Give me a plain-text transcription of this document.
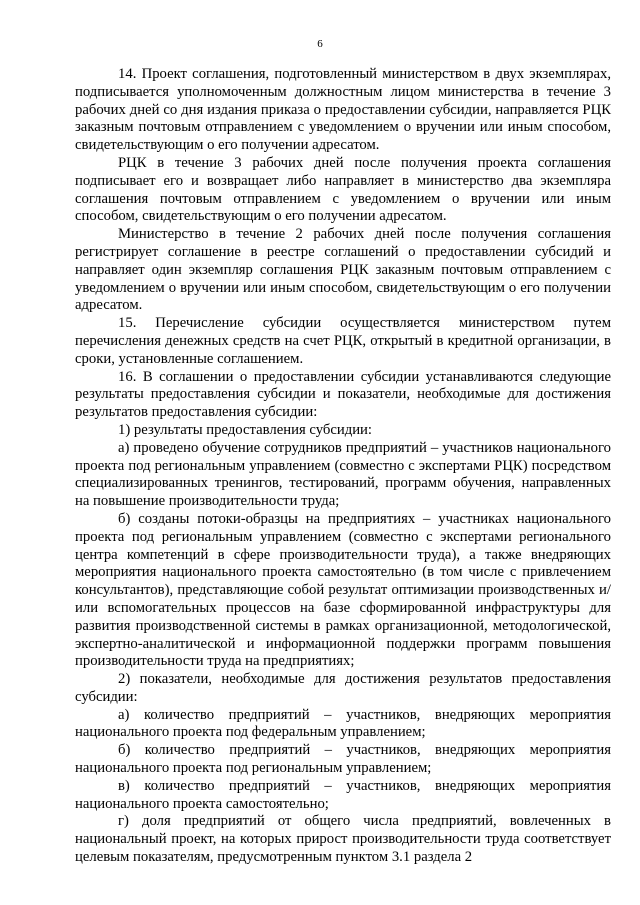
6

14. Проект соглашения, подготовленный министерством в двух экземплярах, подписывается уполномоченным должностным лицом министерства в течение 3 рабочих дней со дня издания приказа о предоставлении субсидии, направляется РЦК заказным почтовым отправлением с уведомлением о вручении или иным способом, свидетельствующим о его получении адресатом.

РЦК в течение 3 рабочих дней после получения проекта соглашения подписывает его и возвращает либо направляет в министерство два экземпляра соглашения почтовым отправлением с уведомлением о вручении или иным способом, свидетельствующим о его получении адресатом.

Министерство в течение 2 рабочих дней после получения соглашения регистрирует соглашение в реестре соглашений о предоставлении субсидий и направляет один экземпляр соглашения РЦК заказным почтовым отправлением с уведомлением о вручении или иным способом, свидетельствующим о его получении адресатом.

15. Перечисление субсидии осуществляется министерством путем перечисления денежных средств на счет РЦК, открытый в кредитной организации, в сроки, установленные соглашением.

16. В соглашении о предоставлении субсидии устанавливаются следующие результаты предоставления субсидии и показатели, необходимые для достижения результатов предоставления субсидии:

1) результаты предоставления субсидии:

а) проведено обучение сотрудников предприятий – участников национального проекта под региональным управлением (совместно с экспертами РЦК) посредством специализированных тренингов, тестирований, программ обучения, направленных на повышение производительности труда;

б) созданы потоки-образцы на предприятиях – участниках национального проекта под региональным управлением (совместно с экспертами регионального центра компетенций в сфере производительности труда), а также внедряющих мероприятия национального проекта самостоятельно (в том числе с привлечением консультантов), представляющие собой результат оптимизации производственных и/или вспомогательных процессов на базе сформированной инфраструктуры для развития производственной системы в рамках организационной, методологической, экспертно-аналитической и информационной поддержки программ повышения производительности труда на предприятиях;

2) показатели, необходимые для достижения результатов предоставления субсидии:

а) количество предприятий – участников, внедряющих мероприятия национального проекта под федеральным управлением;

б) количество предприятий – участников, внедряющих мероприятия национального проекта под региональным управлением;

в) количество предприятий – участников, внедряющих мероприятия национального проекта самостоятельно;

г) доля предприятий от общего числа предприятий, вовлеченных в национальный проект, на которых прирост производительности труда соответствует целевым показателям, предусмотренным пунктом 3.1 раздела 2
